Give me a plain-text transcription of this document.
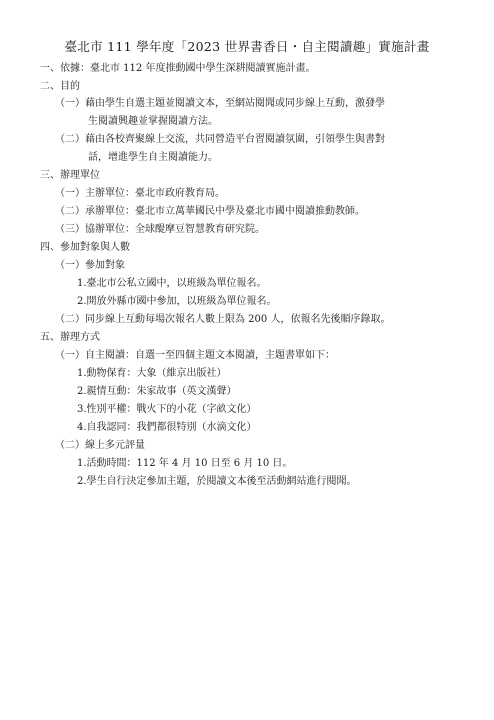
臺北市 111 學年度「2023 世界書香日・自主閱讀趣」實施計畫
一、依據：臺北市 112 年度推動國中學生深耕閱讀實施計畫。
二、目的
（一）藉由學生自選主題並閱讀文本，至網站閱聞或同步線上互動，激發學
生閱讀興趣並掌握閱讀方法。
（二）藉由各校齊聚線上交流，共同營造平台習閱讀氛圍，引領學生與書對
話，增進學生自主閱讀能力。
三、辦理單位
（一）主辦單位：臺北市政府教育局。
（二）承辦單位：臺北市立萬華國民中學及臺北市國中閱讀推動教師。
（三）協辦單位：全球醍摩豆智慧教育研究院。
四、參加對象與人數
（一）參加對象
1.臺北市公私立國中，以班級為單位報名。
2.開放外縣市國中參加，以班級為單位報名。
（二）同步線上互動每場次報名人數上限為 200 人，依報名先後順序錄取。
五、辦理方式
（一）自主閱讀：自選一至四個主題文本閱讀，主題書單如下：
1.動物保育：大象（維京出版社）
2.親情互動：朱家故事（英文漢聲）
3.性別平權：戰火下的小花（字畝文化）
4.自我認同：我們都很特別（水滴文化）
（二）線上多元評量
1.活動時間：112 年 4 月 10 日至 6 月 10 日。
2.學生自行決定參加主題，於閱讀文本後至活動網站進行閱聞。
